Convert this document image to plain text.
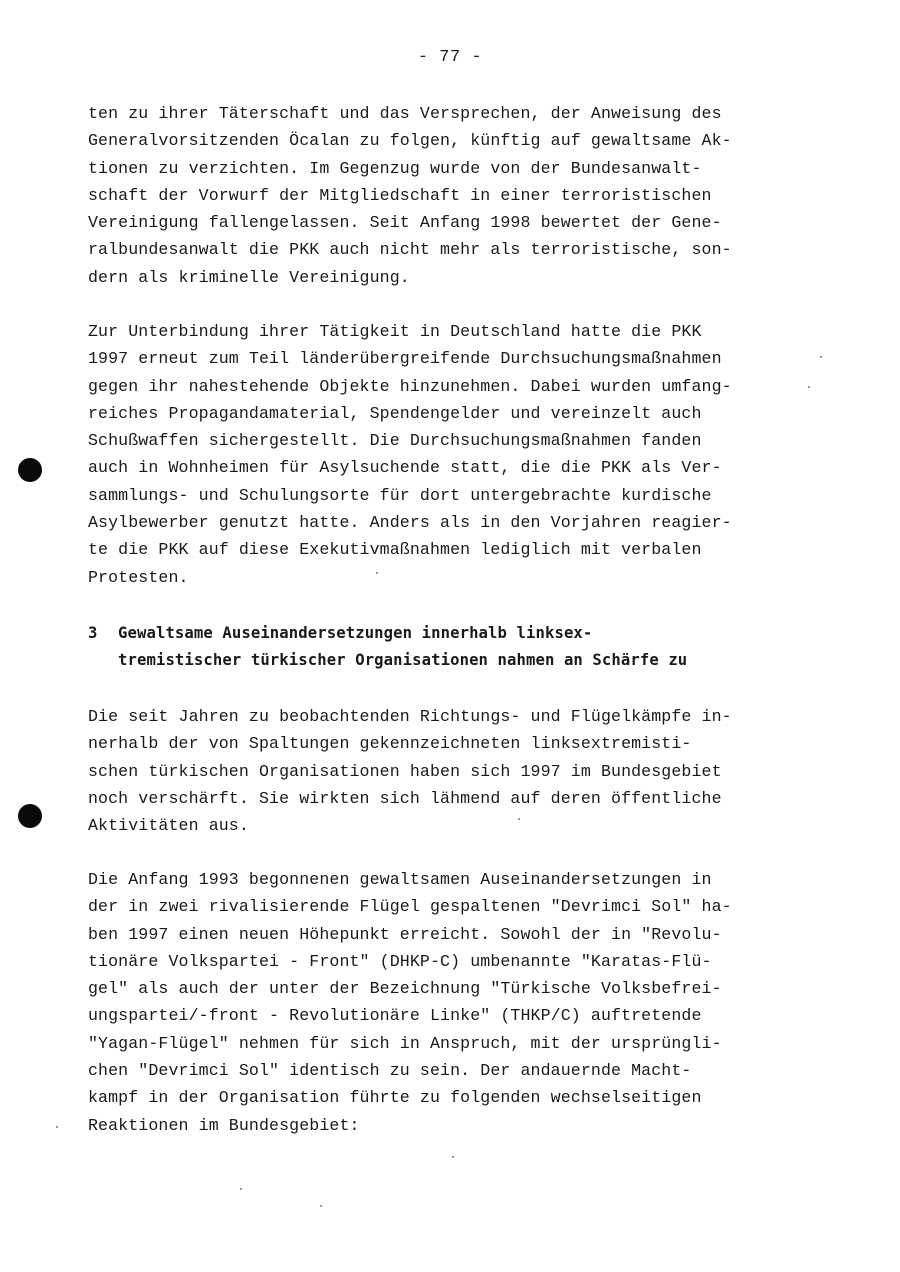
- 77 -
ten zu ihrer Täterschaft und das Versprechen, der Anweisung des
Generalvorsitzenden Öcalan zu folgen, künftig auf gewaltsame Ak-
tionen zu verzichten. Im Gegenzug wurde von der Bundesanwalt-
schaft der Vorwurf der Mitgliedschaft in einer terroristischen
Vereinigung fallengelassen. Seit Anfang 1998 bewertet der Gene-
ralbundesanwalt die PKK auch nicht mehr als terroristische, son-
dern als kriminelle Vereinigung.
Zur Unterbindung ihrer Tätigkeit in Deutschland hatte die PKK
1997 erneut zum Teil länderübergreifende Durchsuchungsmaßnahmen
gegen ihr nahestehende Objekte hinzunehmen. Dabei wurden umfang-
reiches Propagandamaterial, Spendengelder und vereinzelt auch
Schußwaffen sichergestellt. Die Durchsuchungsmaßnahmen fanden
auch in Wohnheimen für Asylsuchende statt, die die PKK als Ver-
sammlungs- und Schulungsorte für dort untergebrachte kurdische
Asylbewerber genutzt hatte. Anders als in den Vorjahren reagier-
te die PKK auf diese Exekutivmaßnahmen lediglich mit verbalen
Protesten.
3 Gewaltsame Auseinandersetzungen innerhalb linksex-
tremistischer türkischer Organisationen nahmen an Schärfe zu
Die seit Jahren zu beobachtenden Richtungs- und Flügelkämpfe in-
nerhalb der von Spaltungen gekennzeichneten linksextremisti-
schen türkischen Organisationen haben sich 1997 im Bundesgebiet
noch verschärft. Sie wirkten sich lähmend auf deren öffentliche
Aktivitäten aus.
Die Anfang 1993 begonnenen gewaltsamen Auseinandersetzungen in
der in zwei rivalisierende Flügel gespaltenen "Devrimci Sol" ha-
ben 1997 einen neuen Höhepunkt erreicht. Sowohl der in "Revolu-
tionäre Volkspartei - Front" (DHKP-C) umbenannte "Karatas-Flü-
gel" als auch der unter der Bezeichnung "Türkische Volksbefrei-
ungspartei/-front - Revolutionäre Linke" (THKP/C) auftretende
"Yagan-Flügel" nehmen für sich in Anspruch, mit der ursprüngli-
chen "Devrimci Sol" identisch zu sein. Der andauernde Macht-
kampf in der Organisation führte zu folgenden wechselseitigen
Reaktionen im Bundesgebiet:
